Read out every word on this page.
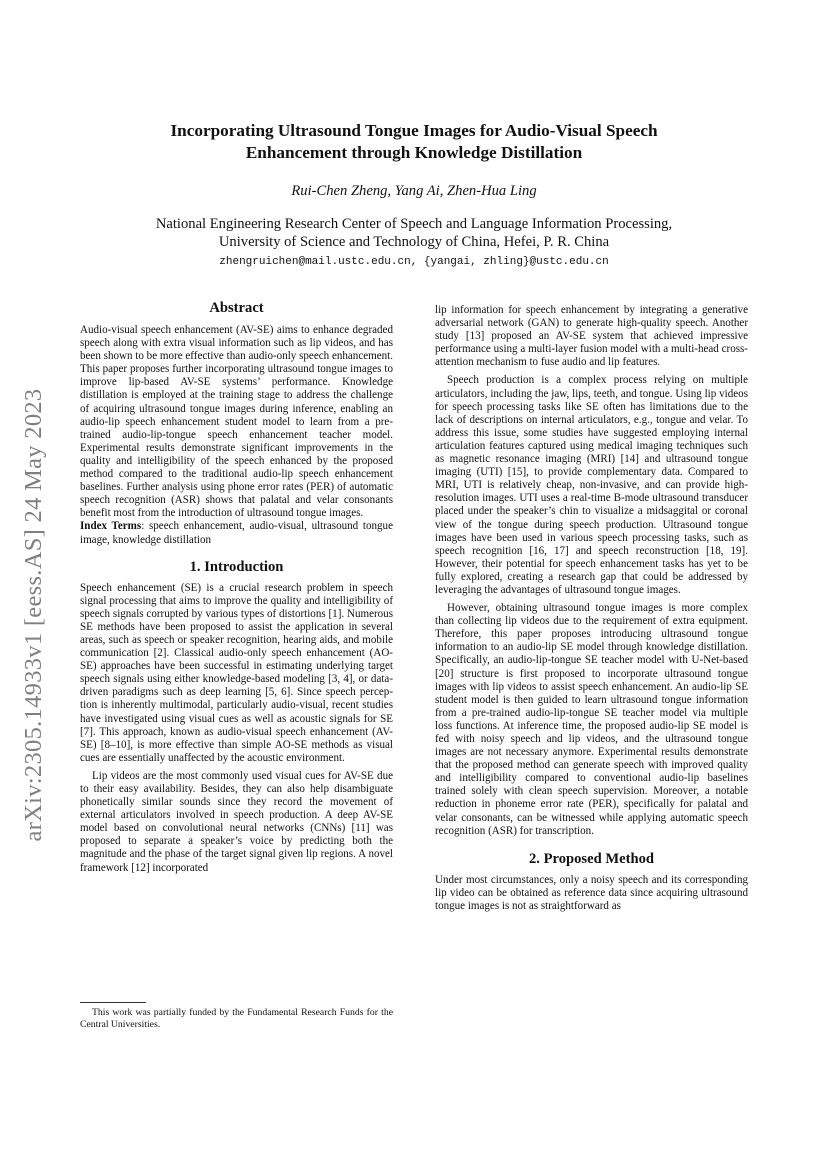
arXiv:2305.14933v1 [eess.AS] 24 May 2023
Incorporating Ultrasound Tongue Images for Audio-Visual Speech
Enhancement through Knowledge Distillation
Rui-Chen Zheng, Yang Ai, Zhen-Hua Ling
National Engineering Research Center of Speech and Language Information Processing,
University of Science and Technology of China, Hefei, P. R. China
zhengruichen@mail.ustc.edu.cn, {yangai, zhling}@ustc.edu.cn
Abstract

Audio-visual speech enhancement (AV-SE) aims to enhance degraded speech along with extra visual information such as lip videos, and has been shown to be more effective than audio-only speech enhancement. This paper proposes further incorporating ultrasound tongue images to improve lip-based AV-SE systems’ performance. Knowledge distillation is employed at the training stage to address the challenge of acquiring ultrasound tongue images during inference, enabling an audio-lip speech enhancement student model to learn from a pre-trained audio-lip-tongue speech enhancement teacher model. Experimental results demonstrate significant improvements in the quality and intelligibility of the speech enhanced by the proposed method compared to the traditional audio-lip speech enhancement baselines. Further analysis using phone error rates (PER) of automatic speech recognition (ASR) shows that palatal and velar consonants benefit most from the introduction of ultrasound tongue images.

Index Terms: speech enhancement, audio-visual, ultrasound tongue image, knowledge distillation

1. Introduction

Speech enhancement (SE) is a crucial research problem in speech signal processing that aims to improve the quality and intelligibility of speech signals corrupted by various types of distortions [1]. Numerous SE methods have been proposed to assist the application in several areas, such as speech or speaker recognition, hearing aids, and mobile communication [2]. Classical audio-only speech enhancement (AO-SE) approaches have been successful in estimating underlying target speech signals using either knowledge-based modeling [3, 4], or data-driven paradigms such as deep learning [5, 6]. Since speech perception is inherently multimodal, particularly audio-visual, recent studies have investigated using visual cues as well as acoustic signals for SE [7]. This approach, known as audio-visual speech enhancement (AV-SE) [8–10], is more effective than simple AO-SE methods as visual cues are essentially unaffected by the acoustic environment.

Lip videos are the most commonly used visual cues for AV-SE due to their easy availability. Besides, they can also help disambiguate phonetically similar sounds since they record the movement of external articulators involved in speech production. A deep AV-SE model based on convolutional neural networks (CNNs) [11] was proposed to separate a speaker’s voice by predicting both the magnitude and the phase of the target signal given lip regions. A novel framework [12] incorporated

This work was partially funded by the Fundamental Research Funds for the Central Universities.

lip information for speech enhancement by integrating a generative adversarial network (GAN) to generate high-quality speech. Another study [13] proposed an AV-SE system that achieved impressive performance using a multi-layer fusion model with a multi-head cross-attention mechanism to fuse audio and lip features.

Speech production is a complex process relying on multiple articulators, including the jaw, lips, teeth, and tongue. Using lip videos for speech processing tasks like SE often has limitations due to the lack of descriptions on internal articulators, e.g., tongue and velar. To address this issue, some studies have suggested employing internal articulation features captured using medical imaging techniques such as magnetic resonance imaging (MRI) [14] and ultrasound tongue imaging (UTI) [15], to provide complementary data. Compared to MRI, UTI is relatively cheap, non-invasive, and can provide high-resolution images. UTI uses a real-time B-mode ultrasound transducer placed under the speaker’s chin to visualize a midsaggital or coronal view of the tongue during speech production. Ultrasound tongue images have been used in various speech processing tasks, such as speech recognition [16, 17] and speech reconstruction [18, 19]. However, their potential for speech enhancement tasks has yet to be fully explored, creating a research gap that could be addressed by leveraging the advantages of ultrasound tongue images.

However, obtaining ultrasound tongue images is more complex than collecting lip videos due to the requirement of extra equipment. Therefore, this paper proposes introducing ultrasound tongue information to an audio-lip SE model through knowledge distillation. Specifically, an audio-lip-tongue SE teacher model with U-Net-based [20] structure is first proposed to incorporate ultrasound tongue images with lip videos to assist speech enhancement. An audio-lip SE student model is then guided to learn ultrasound tongue information from a pre-trained audio-lip-tongue SE teacher model via multiple loss functions. At inference time, the proposed audio-lip SE model is fed with noisy speech and lip videos, and the ultrasound tongue images are not necessary anymore. Experimental results demonstrate that the proposed method can generate speech with improved quality and intelligibility compared to conventional audio-lip baselines trained solely with clean speech supervision. Moreover, a notable reduction in phoneme error rate (PER), specifically for palatal and velar consonants, can be witnessed while applying automatic speech recognition (ASR) for transcription.

2. Proposed Method

Under most circumstances, only a noisy speech and its corresponding lip video can be obtained as reference data since acquiring ultrasound tongue images is not as straightforward as
